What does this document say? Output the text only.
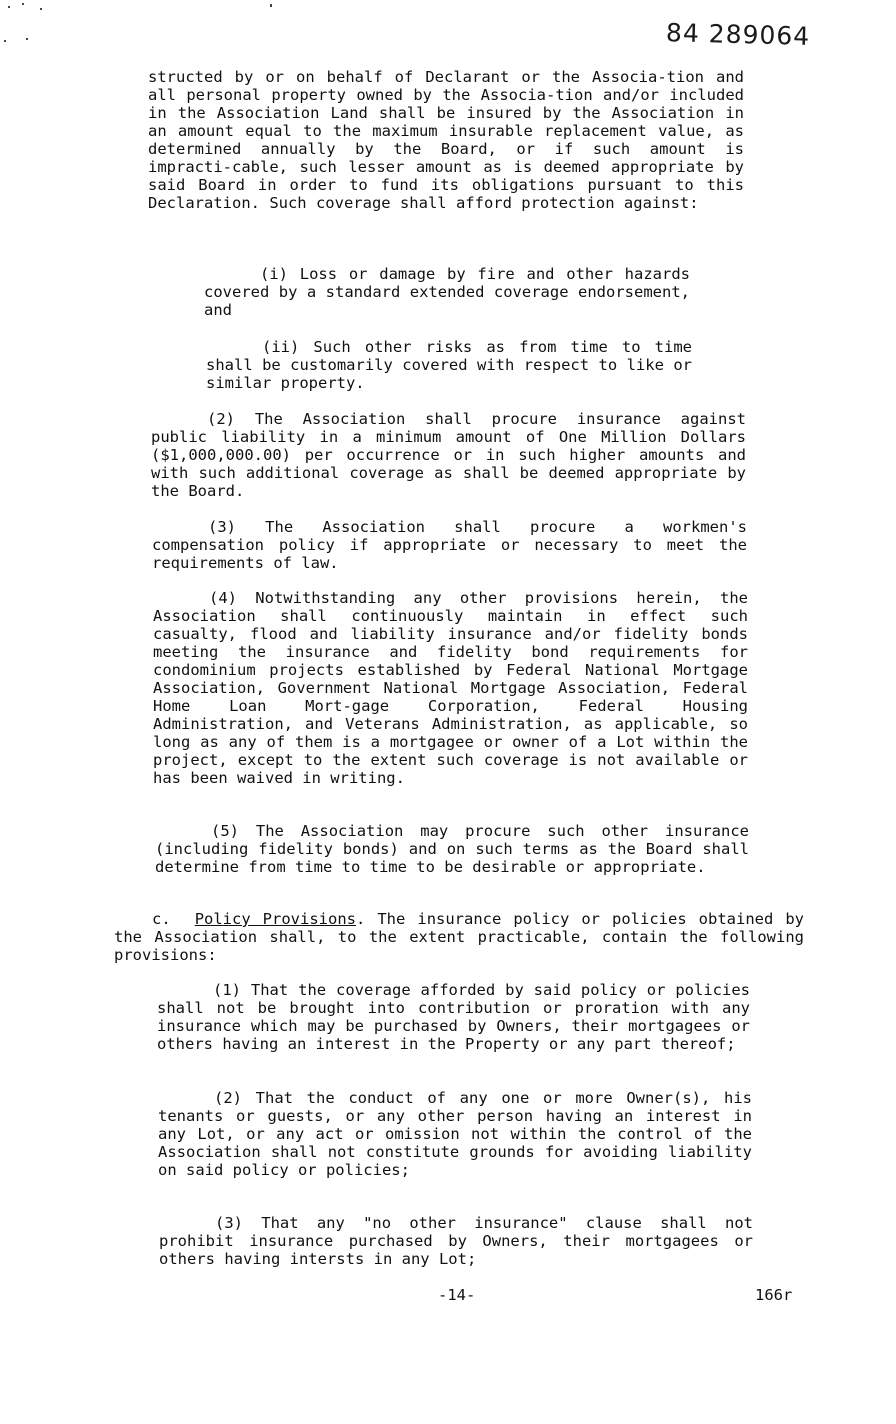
84 289064

structed by or on behalf of Declarant or the Associa-tion and all personal property owned by the Associa-tion and/or included in the Association Land shall be insured by the Association in an amount equal to the maximum insurable replacement value, as determined annually by the Board, or if such amount is impracti-cable, such lesser amount as is deemed appropriate by said Board in order to fund its obligations pursuant to this Declaration. Such coverage shall afford protection against:

(i) Loss or damage by fire and other hazards covered by a standard extended coverage endorsement, and

(ii) Such other risks as from time to time shall be customarily covered with respect to like or similar property.

(2) The Association shall procure insurance against public liability in a minimum amount of One Million Dollars ($1,000,000.00) per occurrence or in such higher amounts and with such additional coverage as shall be deemed appropriate by the Board.

(3) The Association shall procure a workmen's compensation policy if appropriate or necessary to meet the requirements of law.

(4) Notwithstanding any other provisions herein, the Association shall continuously maintain in effect such casualty, flood and liability insurance and/or fidelity bonds meeting the insurance and fidelity bond requirements for condominium projects established by Federal National Mortgage Association, Government National Mortgage Association, Federal Home Loan Mort-gage Corporation, Federal Housing Administration, and Veterans Administration, as applicable, so long as any of them is a mortgagee or owner of a Lot within the project, except to the extent such coverage is not available or has been waived in writing.

(5) The Association may procure such other insurance (including fidelity bonds) and on such terms as the Board shall determine from time to time to be desirable or appropriate.

c. Policy Provisions. The insurance policy or policies obtained by the Association shall, to the extent practicable, contain the following provisions:

(1) That the coverage afforded by said policy or policies shall not be brought into contribution or proration with any insurance which may be purchased by Owners, their mortgagees or others having an interest in the Property or any part thereof;

(2) That the conduct of any one or more Owner(s), his tenants or guests, or any other person having an interest in any Lot, or any act or omission not within the control of the Association shall not constitute grounds for avoiding liability on said policy or policies;

(3) That any "no other insurance" clause shall not prohibit insurance purchased by Owners, their mortgagees or others having intersts in any Lot;

-14-	166r
